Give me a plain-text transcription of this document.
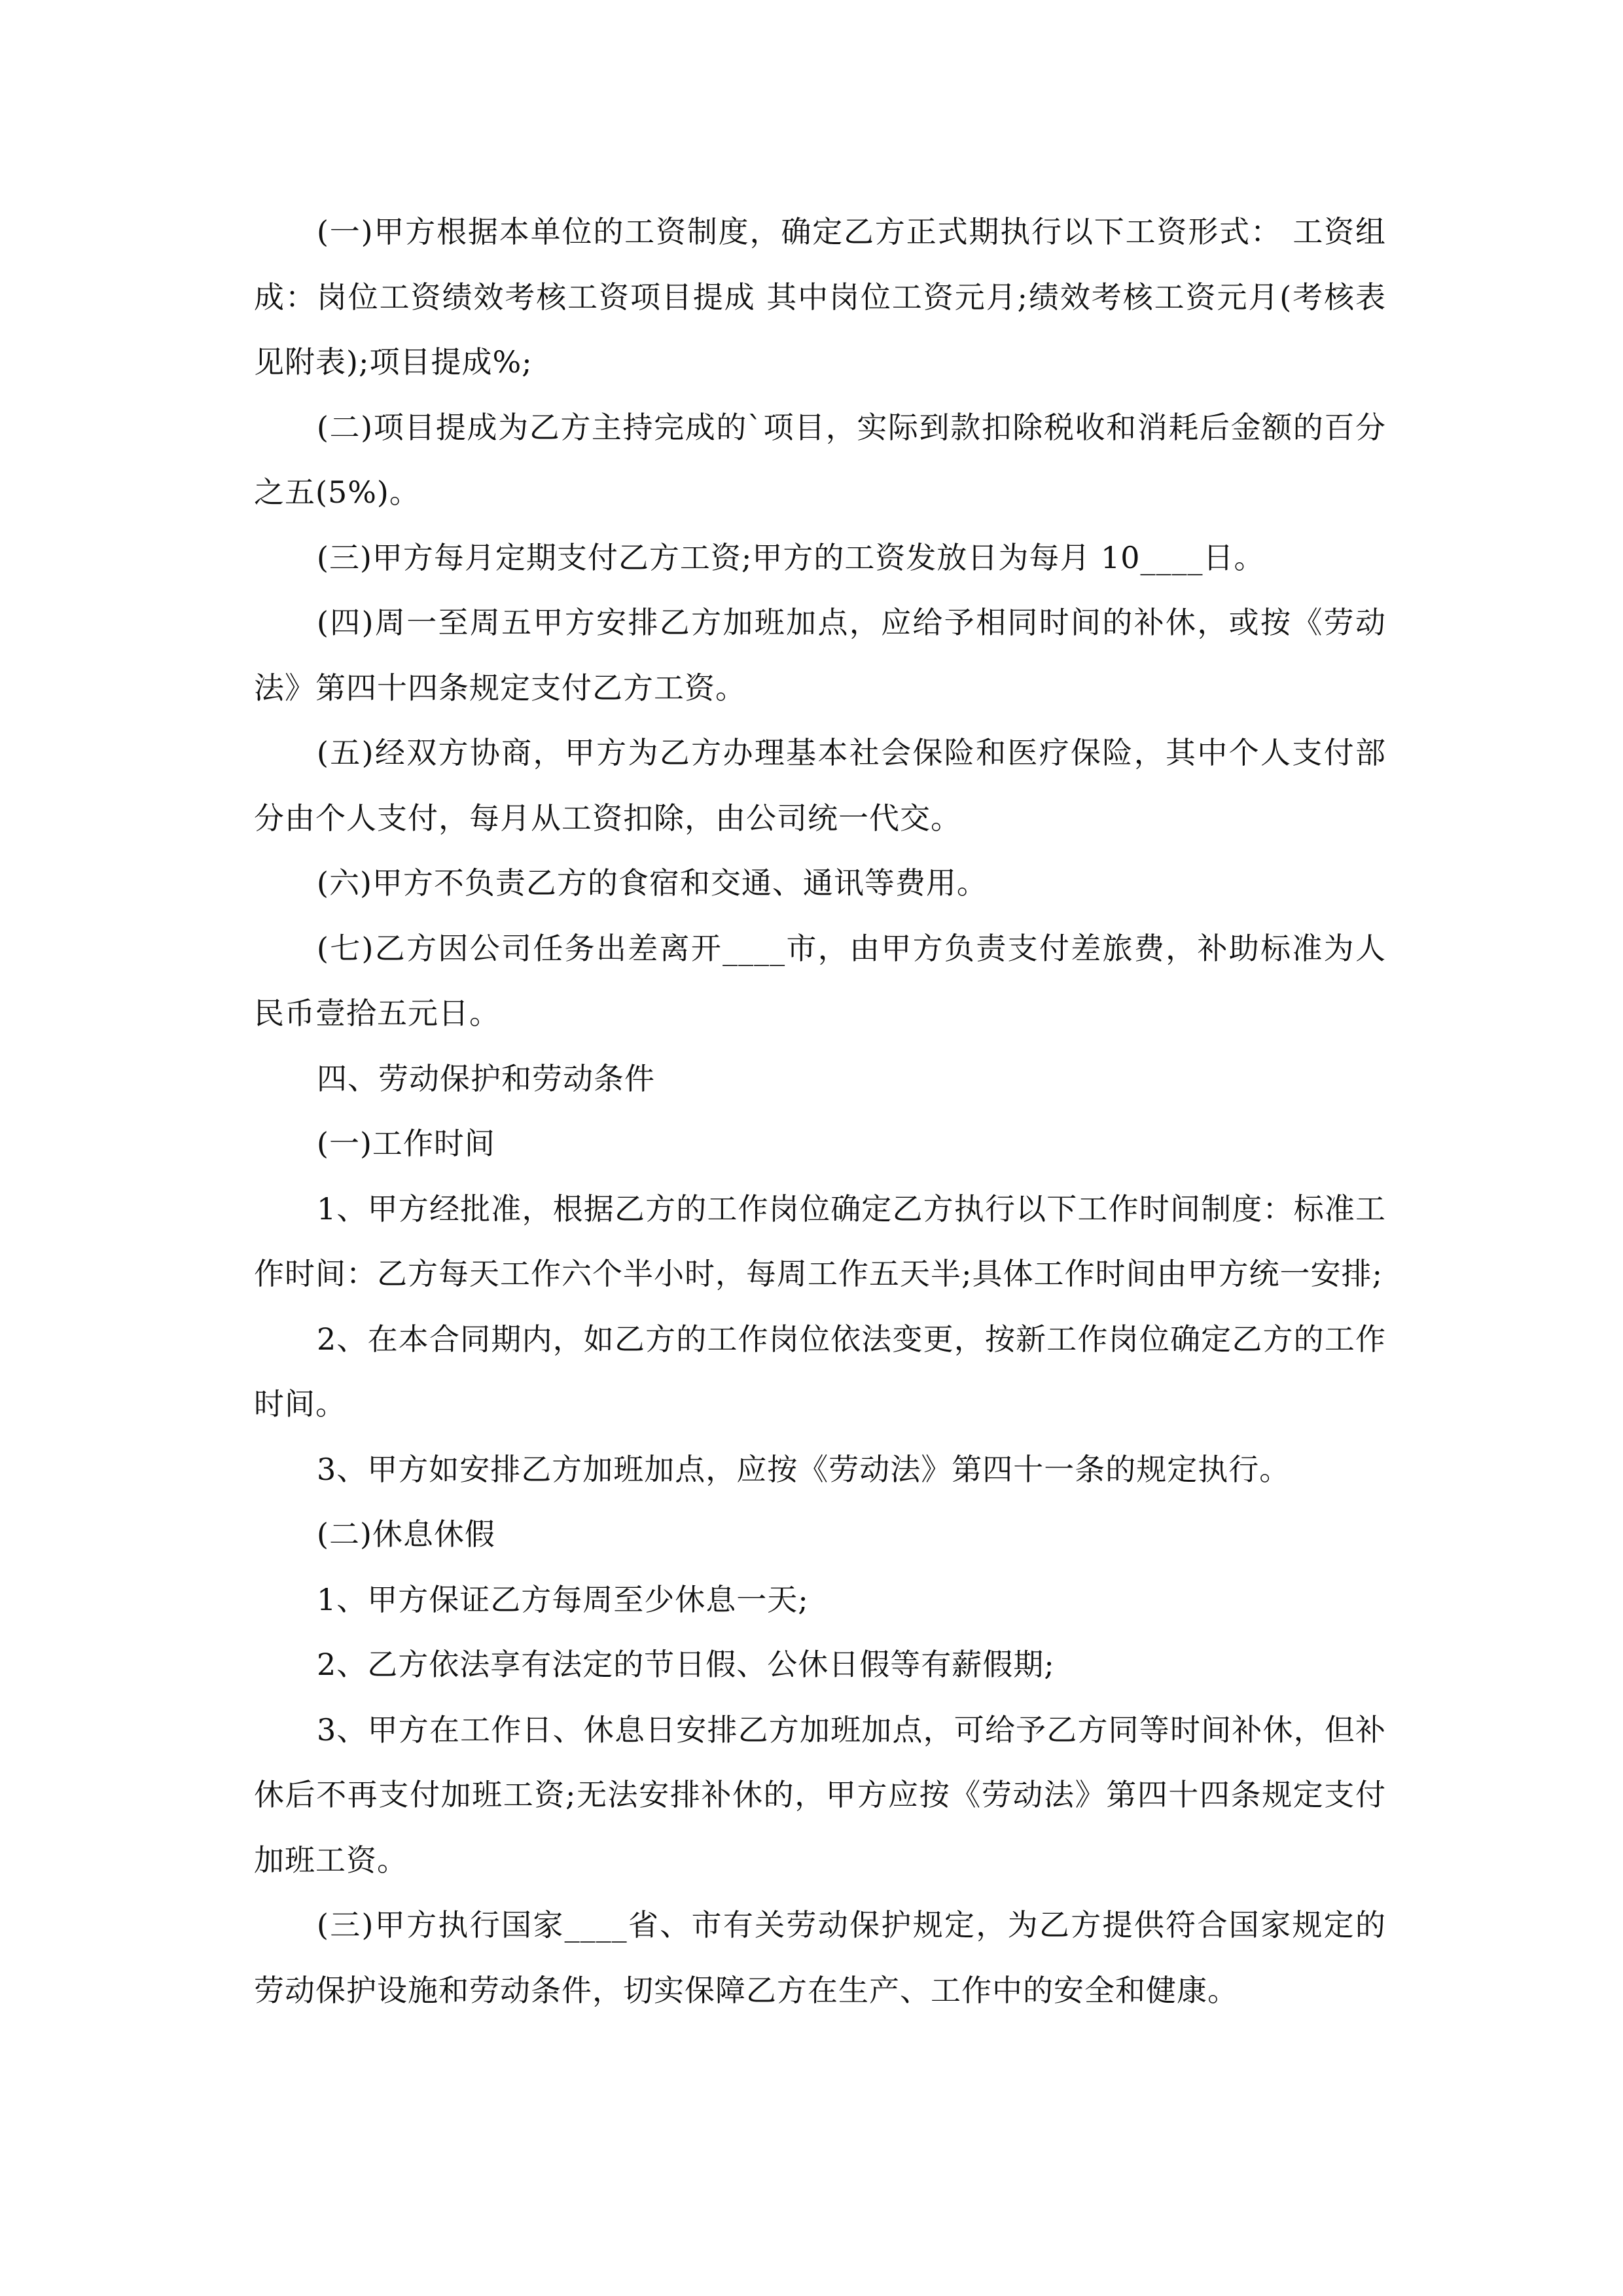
(一)甲方根据本单位的工资制度，确定乙方正式期执行以下工资形式： 工资组成：岗位工资绩效考核工资项目提成 其中岗位工资元月;绩效考核工资元月(考核表见附表);项目提成%;

(二)项目提成为乙方主持完成的`项目，实际到款扣除税收和消耗后金额的百分之五(5%)。

(三)甲方每月定期支付乙方工资;甲方的工资发放日为每月 10____日。

(四)周一至周五甲方安排乙方加班加点，应给予相同时间的补休，或按《劳动法》第四十四条规定支付乙方工资。

(五)经双方协商，甲方为乙方办理基本社会保险和医疗保险，其中个人支付部分由个人支付，每月从工资扣除，由公司统一代交。

(六)甲方不负责乙方的食宿和交通、通讯等费用。

(七)乙方因公司任务出差离开____市，由甲方负责支付差旅费，补助标准为人民币壹拾五元日。

四、劳动保护和劳动条件

(一)工作时间

1、甲方经批准，根据乙方的工作岗位确定乙方执行以下工作时间制度：标准工作时间：乙方每天工作六个半小时，每周工作五天半;具体工作时间由甲方统一安排;

2、在本合同期内，如乙方的工作岗位依法变更，按新工作岗位确定乙方的工作时间。

3、甲方如安排乙方加班加点，应按《劳动法》第四十一条的规定执行。

(二)休息休假

1、甲方保证乙方每周至少休息一天;

2、乙方依法享有法定的节日假、公休日假等有薪假期;

3、甲方在工作日、休息日安排乙方加班加点，可给予乙方同等时间补休，但补休后不再支付加班工资;无法安排补休的，甲方应按《劳动法》第四十四条规定支付加班工资。

(三)甲方执行国家____省、市有关劳动保护规定，为乙方提供符合国家规定的劳动保护设施和劳动条件，切实保障乙方在生产、工作中的安全和健康。
